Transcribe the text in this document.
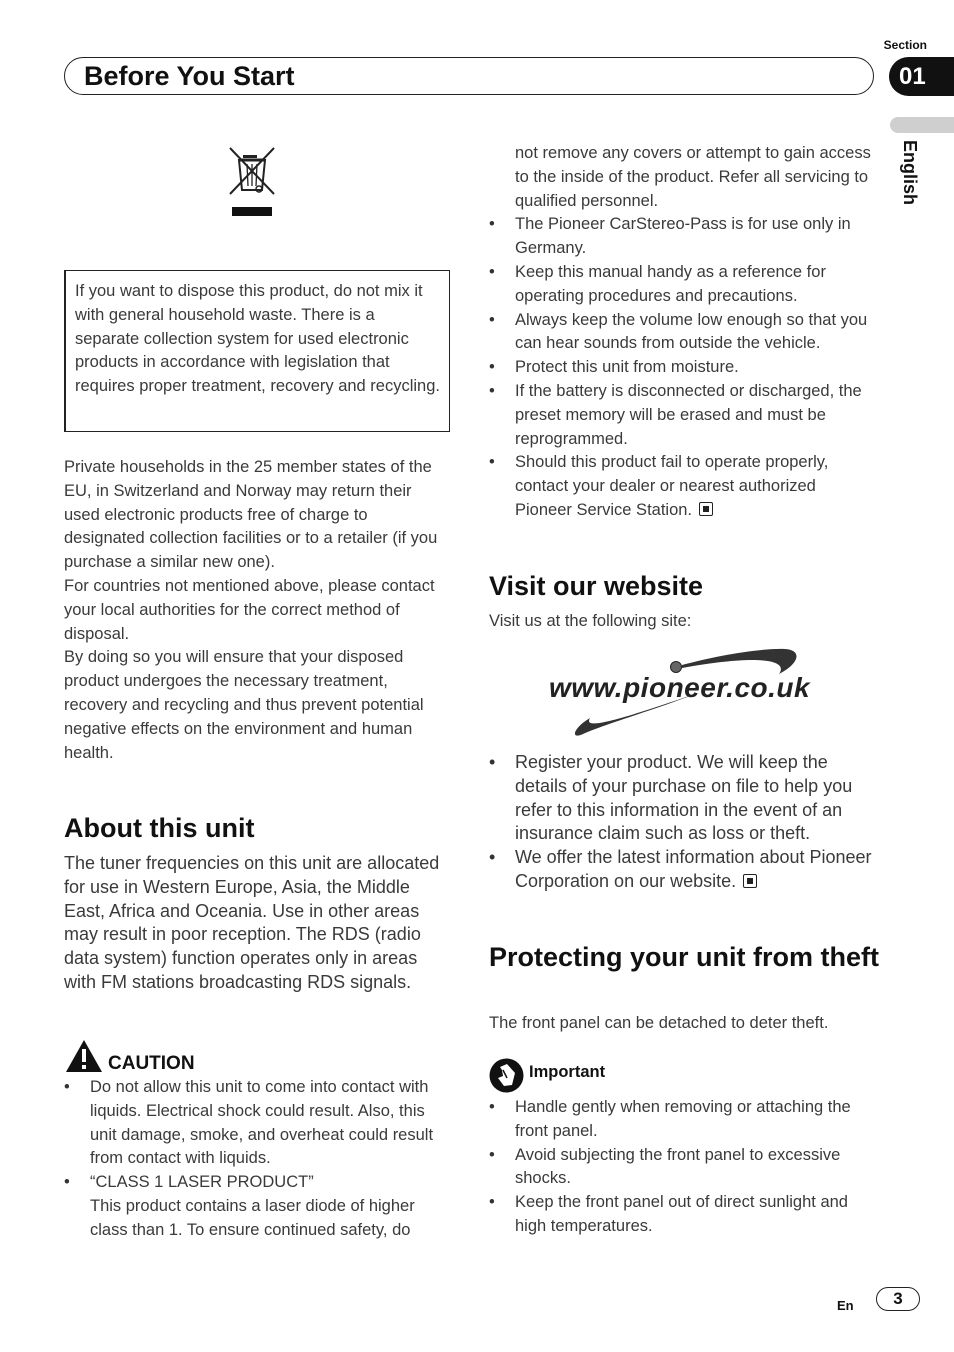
Section
Before You Start	01
English

If you want to dispose this product, do not mix it with general household waste. There is a separate collection system for used electronic products in accordance with legislation that requires proper treatment, recovery and recycling.

Private households in the 25 member states of the EU, in Switzerland and Norway may return their used electronic products free of charge to designated collection facilities or to a retailer (if you purchase a similar new one).

For countries not mentioned above, please contact your local authorities for the correct method of disposal.

By doing so you will ensure that your disposed product undergoes the necessary treatment, recovery and recycling and thus prevent potential negative effects on the environment and human health.

About this unit

The tuner frequencies on this unit are allocated for use in Western Europe, Asia, the Middle East, Africa and Oceania. Use in other areas may result in poor reception. The RDS (radio data system) function operates only in areas with FM stations broadcasting RDS signals.

CAUTION
• Do not allow this unit to come into contact with liquids. Electrical shock could result. Also, this unit damage, smoke, and overheat could result from contact with liquids.
• “CLASS 1 LASER PRODUCT”

This product contains a laser diode of higher class than 1. To ensure continued safety, do

not remove any covers or attempt to gain access to the inside of the product. Refer all servicing to qualified personnel.

• The Pioneer CarStereo-Pass is for use only in Germany.
• Keep this manual handy as a reference for operating procedures and precautions.
• Always keep the volume low enough so that you can hear sounds from outside the vehicle.
• Protect this unit from moisture.
• If the battery is disconnected or discharged, the preset memory will be erased and must be reprogrammed.
• Should this product fail to operate properly, contact your dealer or nearest authorized Pioneer Service Station.
Visit our website
Visit us at the following site:
www.pioneer.co.uk
• Register your product. We will keep the details of your purchase on file to help you refer to this information in the event of an insurance claim such as loss or theft.
• We offer the latest information about Pioneer Corporation on our website.
Protecting your unit from theft
The front panel can be detached to deter theft.
Important
• Handle gently when removing or attaching the front panel.
• Avoid subjecting the front panel to excessive shocks.
• Keep the front panel out of direct sunlight and high temperatures.
En	3
